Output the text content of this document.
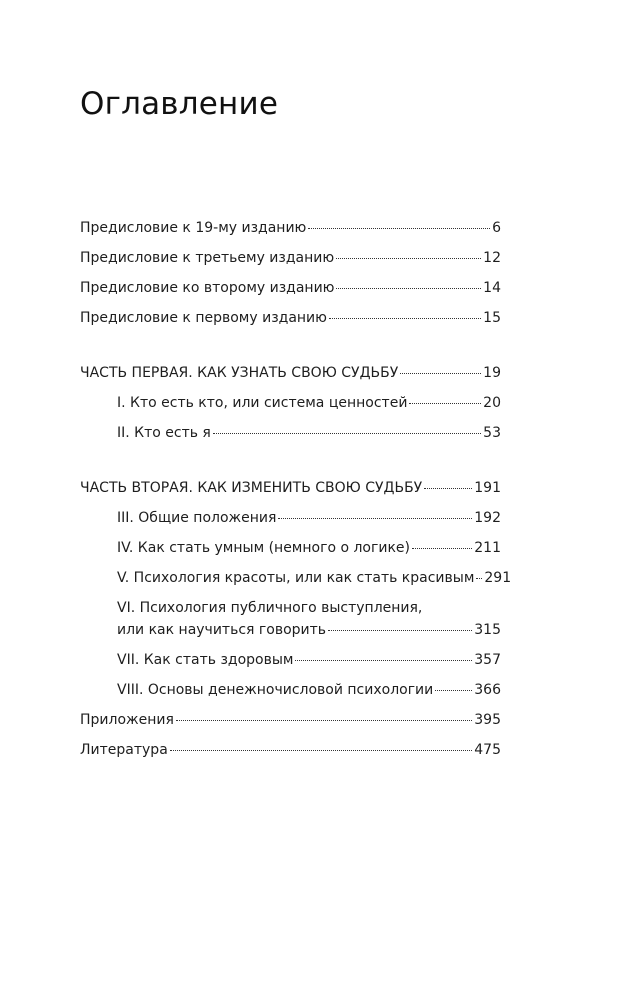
Оглавление
Предисловие к 19-му изданию	6
Предисловие к третьему изданию	12
Предисловие ко второму изданию	14
Предисловие к первому изданию	15
ЧАСТЬ ПЕРВАЯ. КАК УЗНАТЬ СВОЮ СУДЬБУ	19
I. Кто есть кто, или система ценностей	20
II. Кто есть я	53
ЧАСТЬ ВТОРАЯ. КАК ИЗМЕНИТЬ СВОЮ СУДЬБУ	191
III. Общие положения	192
IV. Как стать умным (немного о логике)	211
V. Психология красоты, или как стать красивым 291
VI. Психология публичного выступления,
или как научиться говорить	315
VII. Как стать здоровым	357
VIII. Основы денежночисловой психологии	366
Приложения	395
Литература	475
